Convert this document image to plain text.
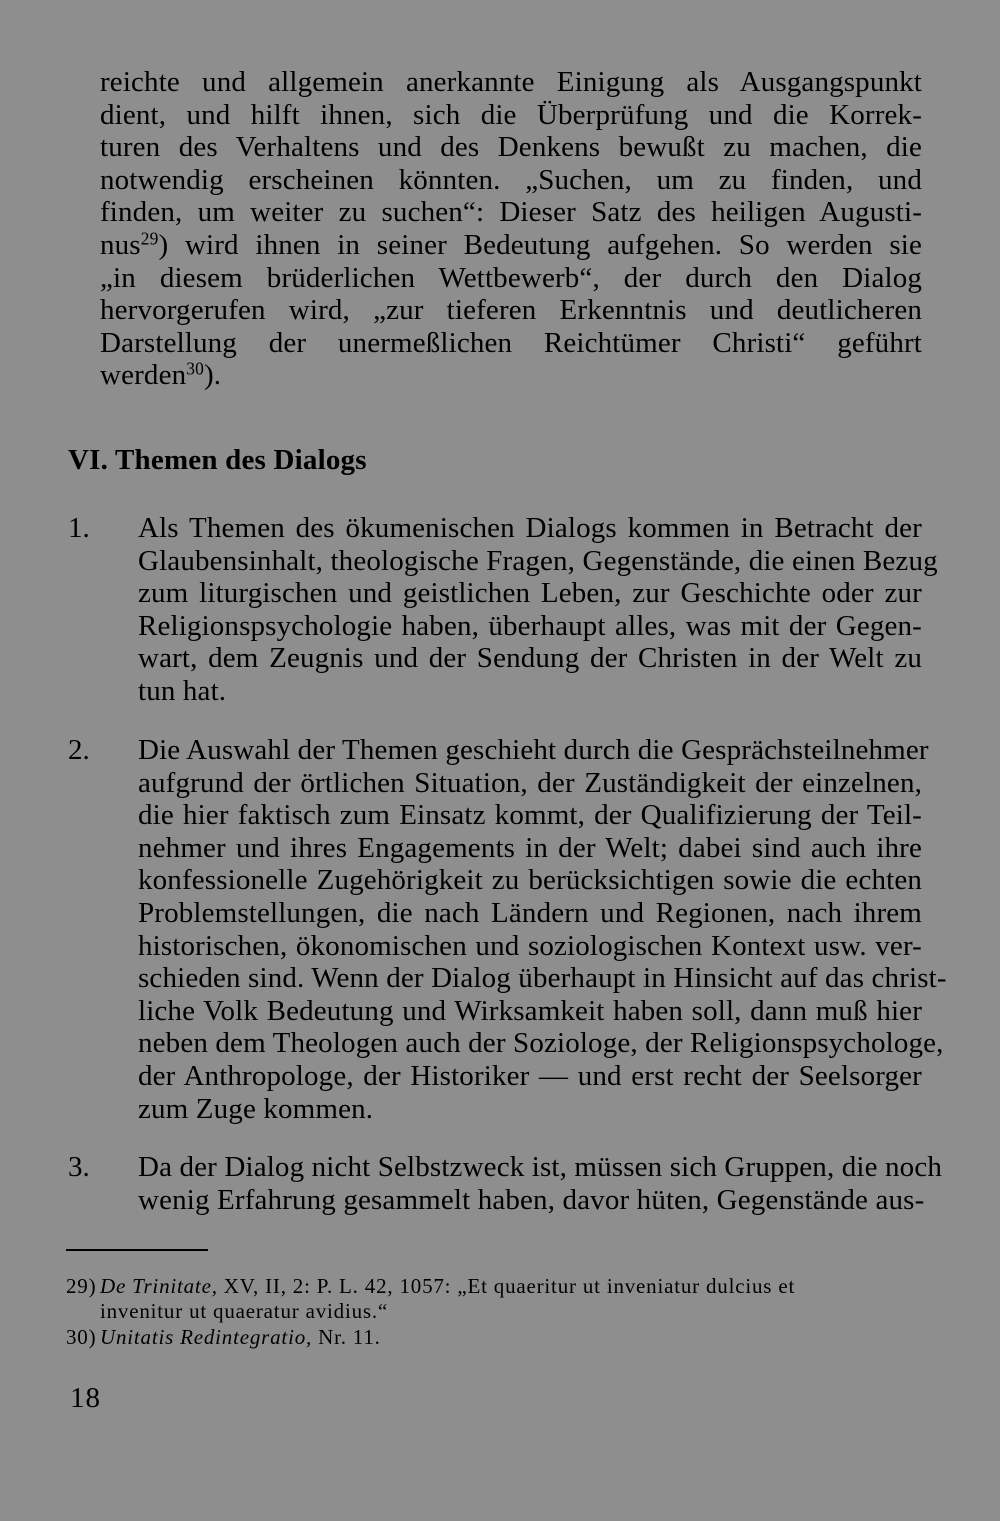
reichte und allgemein anerkannte Einigung als Ausgangspunkt
dient, und hilft ihnen, sich die Überprüfung und die Korrek-
turen des Verhaltens und des Denkens bewußt zu machen, die
notwendig erscheinen könnten. „Suchen, um zu finden, und
finden, um weiter zu suchen“: Dieser Satz des heiligen Augusti-
nus$^{29}$) wird ihnen in seiner Bedeutung aufgehen. So werden sie
„in diesem brüderlichen Wettbewerb“, der durch den Dialog
hervorgerufen wird, „zur tieferen Erkenntnis und deutlicheren
Darstellung der unermeßlichen Reichtümer Christi“ geführt
werden$^{30}$).
VI. Themen des Dialogs
1. Als Themen des ökumenischen Dialogs kommen in Betracht der
Glaubensinhalt, theologische Fragen, Gegenstände, die einen Bezug
zum liturgischen und geistlichen Leben, zur Geschichte oder zur
Religionspsychologie haben, überhaupt alles, was mit der Gegen-
wart, dem Zeugnis und der Sendung der Christen in der Welt zu
tun hat.
2. Die Auswahl der Themen geschieht durch die Gesprächsteilnehmer
aufgrund der örtlichen Situation, der Zuständigkeit der einzelnen,
die hier faktisch zum Einsatz kommt, der Qualifizierung der Teil-
nehmer und ihres Engagements in der Welt; dabei sind auch ihre
konfessionelle Zugehörigkeit zu berücksichtigen sowie die echten
Problemstellungen, die nach Ländern und Regionen, nach ihrem
historischen, ökonomischen und soziologischen Kontext usw. ver-
schieden sind. Wenn der Dialog überhaupt in Hinsicht auf das christ-
liche Volk Bedeutung und Wirksamkeit haben soll, dann muß hier
neben dem Theologen auch der Soziologe, der Religionspsychologe,
der Anthropologe, der Historiker — und erst recht der Seelsorger
zum Zuge kommen.
3. Da der Dialog nicht Selbstzweck ist, müssen sich Gruppen, die noch
wenig Erfahrung gesammelt haben, davor hüten, Gegenstände aus-
29) De Trinitate, XV, II, 2: P. L. 42, 1057: „Et quaeritur ut inveniatur dulcius et
invenitur ut quaeratur avidius.“
30) Unitatis Redintegratio, Nr. 11.
18
